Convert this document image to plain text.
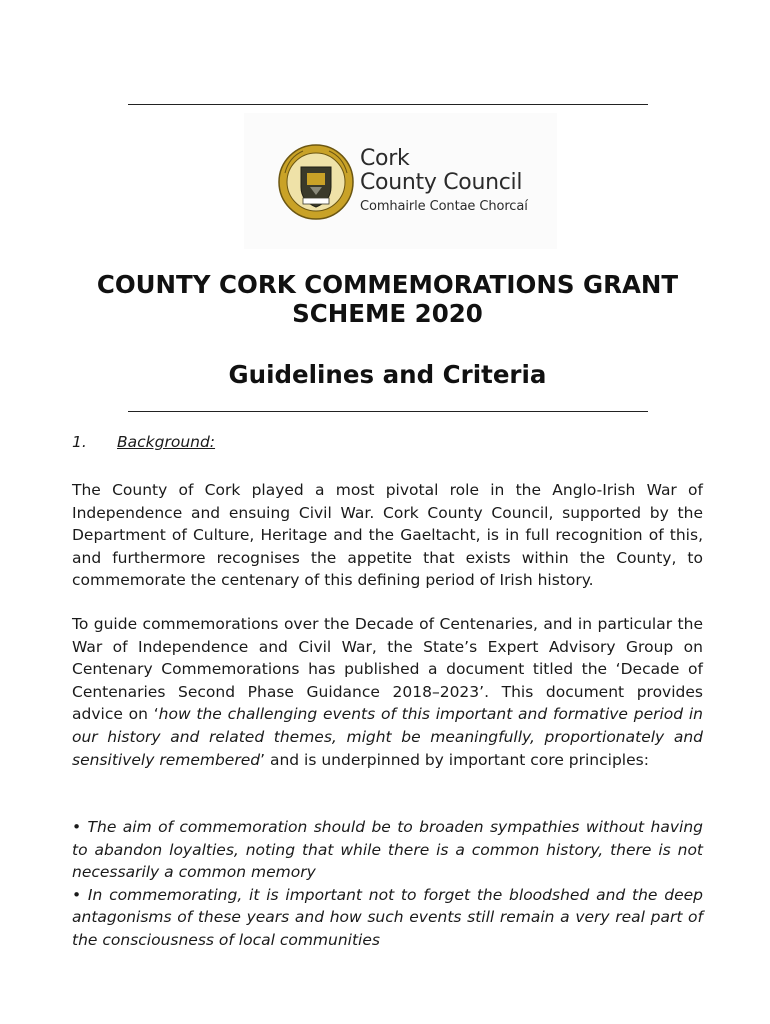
Cork
County Council
Comhairle Contae Chorcaí
COUNTY CORK COMMEMORATIONS GRANT SCHEME 2020
Guidelines and Criteria
1. Background:

The County of Cork played a most pivotal role in the Anglo-Irish War of Independence and ensuing Civil War. Cork County Council, supported by the Department of Culture, Heritage and the Gaeltacht, is in full recognition of this, and furthermore recognises the appetite that exists within the County, to commemorate the centenary of this defining period of Irish history.

To guide commemorations over the Decade of Centenaries, and in particular the War of Independence and Civil War, the State’s Expert Advisory Group on Centenary Commemorations has published a document titled the ‘Decade of Centenaries Second Phase Guidance 2018–2023’. This document provides advice on ‘how the challenging events of this important and formative period in our history and related themes, might be meaningfully, proportionately and sensitively remembered’ and is underpinned by important core principles:

• The aim of commemoration should be to broaden sympathies without having to abandon loyalties, noting that while there is a common history, there is not necessarily a common memory

• In commemorating, it is important not to forget the bloodshed and the deep antagonisms of these years and how such events still remain a very real part of the consciousness of local communities
